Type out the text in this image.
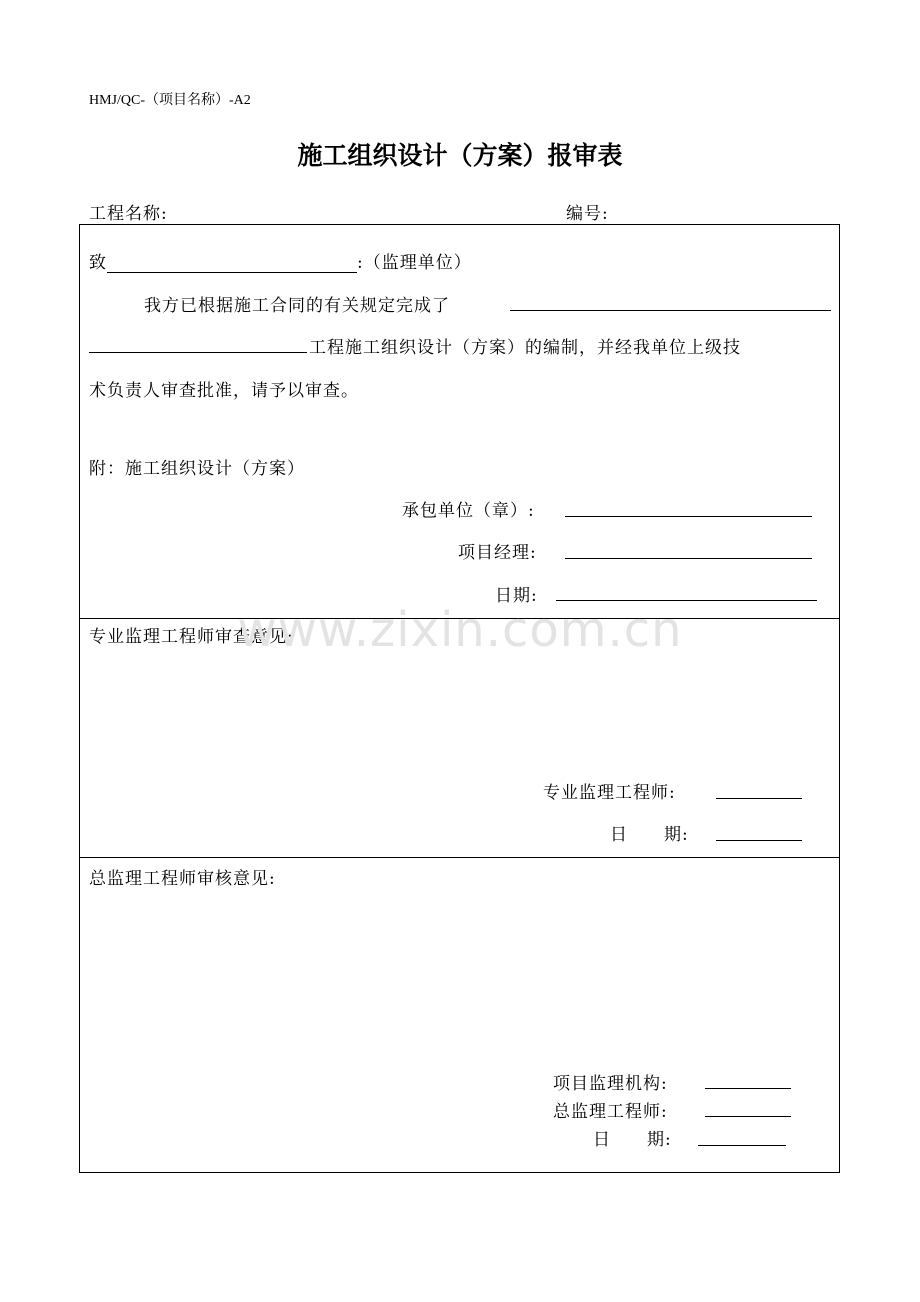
HMJ/QC-（项目名称）-A2
施工组织设计（方案）报审表
工程名称:	编号:
致	:（监理单位）
我方已根据施工合同的有关规定完成了
工程施工组织设计（方案）的编制，并经我单位上级技
术负责人审查批准，请予以审查。
附：施工组织设计（方案）
承包单位（章）:
项目经理:
日期:
专业监理工程师审查意见:
专业监理工程师:
日　　期:
总监理工程师审核意见:
项目监理机构:
总监理工程师:
日　　期:
www.zixin.com.cn
